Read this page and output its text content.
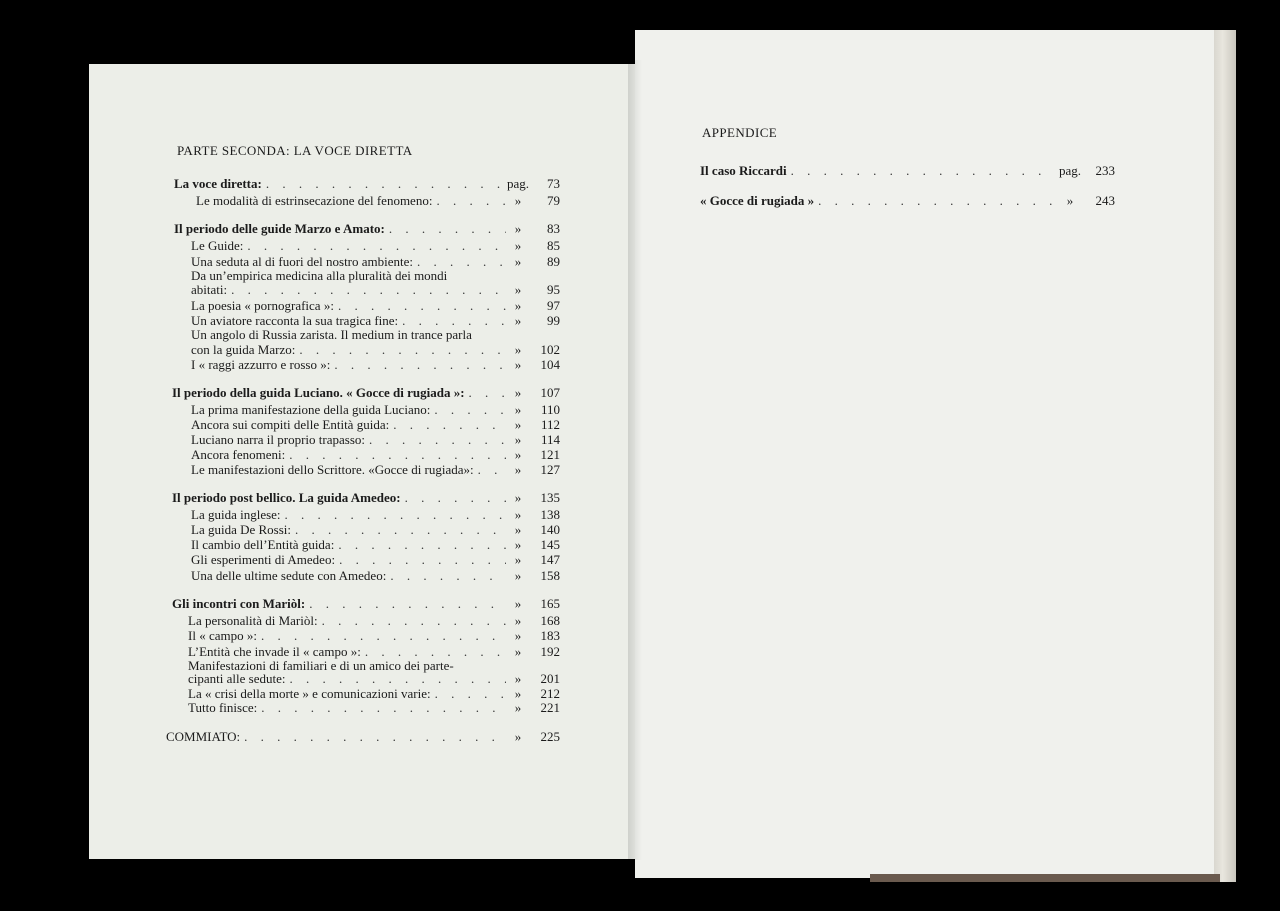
PARTE SECONDA: LA VOCE DIRETTA
La voce diretta: . . .	pag.	73
Le modalità di estrinsecazione del fenomeno: . . .	»	79
Il periodo delle guide Marzo e Amato: . . .	»	83
Le Guide: . . .	»	85
Una seduta al di fuori del nostro ambiente: . . .	»	89
Da un’empirica medicina alla pluralità dei mondi
abitati: . . .	»	95
La poesia « pornografica »: . . .	»	97
Un aviatore racconta la sua tragica fine: . . .	»	99
Un angolo di Russia zarista. Il medium in trance parla
con la guida Marzo: . . .	»	102
I « raggi azzurro e rosso »: . . .	»	104
Il periodo della guida Luciano. « Gocce di rugiada »: . . .	»	107
La prima manifestazione della guida Luciano: . . .	»	110
Ancora sui compiti delle Entità guida: . . .	»	112
Luciano narra il proprio trapasso: . . .	»	114
Ancora fenomeni: . . .	»	121
Le manifestazioni dello Scrittore. «Gocce di rugiada»: . . .	»	127
Il periodo post bellico. La guida Amedeo: . . .	»	135
La guida inglese: . . .	»	138
La guida De Rossi: . . .	»	140
Il cambio dell’Entità guida: . . .	»	145
Gli esperimenti di Amedeo: . . .	»	147
Una delle ultime sedute con Amedeo: . . .	»	158
Gli incontri con Mariòl: . . .	»	165
La personalità di Mariòl: . . .	»	168
Il « campo »: . . .	»	183
L’Entità che invade il « campo »: . . .	»	192
Manifestazioni di familiari e di un amico dei parte-
cipanti alle sedute: . . .	»	201
La « crisi della morte » e comunicazioni varie: . . .	»	212
Tutto finisce: . . .	»	221
COMMIATO: . . .	»	225
APPENDICE
Il caso Riccardi . . .	pag.	233
« Gocce di rugiada » . . .	»	243
